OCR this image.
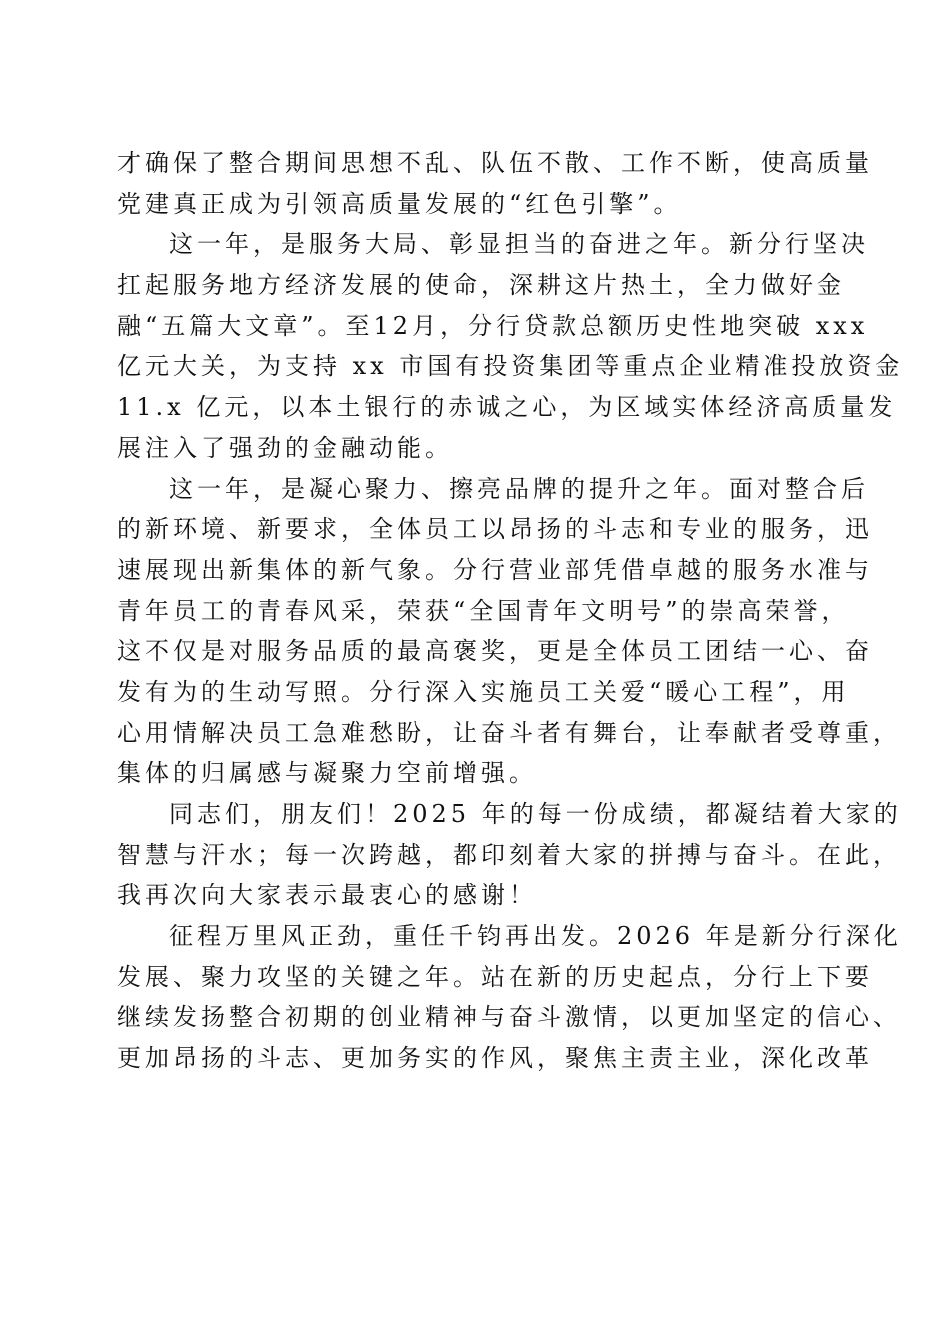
才确保了整合期间思想不乱、队伍不散、工作不断，使高质量
党建真正成为引领高质量发展的“红色引擎”。
这一年，是服务大局、彰显担当的奋进之年。新分行坚决
扛起服务地方经济发展的使命，深耕这片热土，全力做好金
融“五篇大文章”。至12月，分行贷款总额历史性地突破 xxx
亿元大关，为支持 xx 市国有投资集团等重点企业精准投放资金
11.x 亿元，以本土银行的赤诚之心，为区域实体经济高质量发
展注入了强劲的金融动能。
这一年，是凝心聚力、擦亮品牌的提升之年。面对整合后
的新环境、新要求，全体员工以昂扬的斗志和专业的服务，迅
速展现出新集体的新气象。分行营业部凭借卓越的服务水准与
青年员工的青春风采，荣获“全国青年文明号”的崇高荣誉，
这不仅是对服务品质的最高褒奖，更是全体员工团结一心、奋
发有为的生动写照。分行深入实施员工关爱“暖心工程”，用
心用情解决员工急难愁盼，让奋斗者有舞台，让奉献者受尊重，
集体的归属感与凝聚力空前增强。
同志们，朋友们！2025 年的每一份成绩，都凝结着大家的
智慧与汗水；每一次跨越，都印刻着大家的拼搏与奋斗。在此，
我再次向大家表示最衷心的感谢！
征程万里风正劲，重任千钧再出发。2026 年是新分行深化
发展、聚力攻坚的关键之年。站在新的历史起点，分行上下要
继续发扬整合初期的创业精神与奋斗激情，以更加坚定的信心、
更加昂扬的斗志、更加务实的作风，聚焦主责主业，深化改革
